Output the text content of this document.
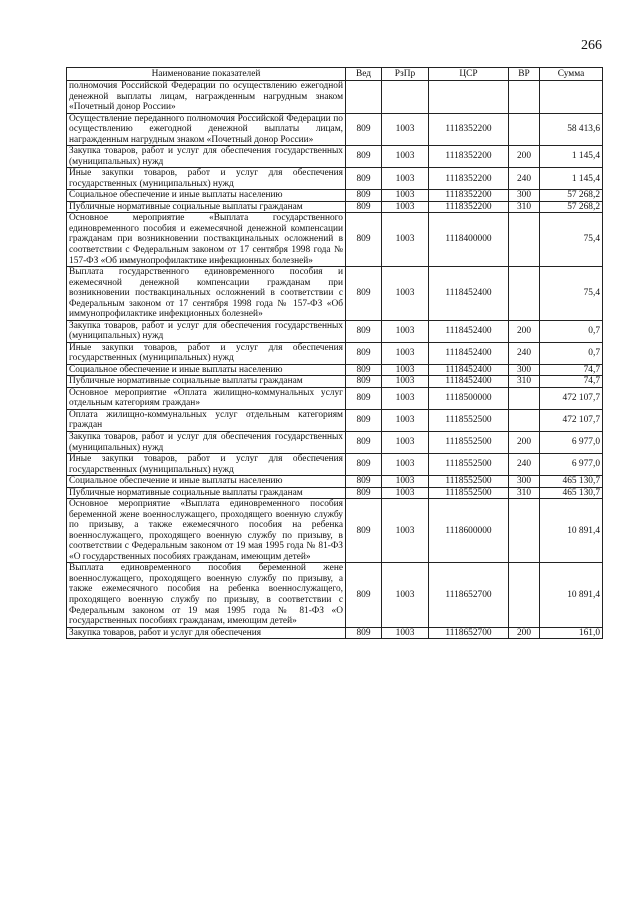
266
Наименование показателей	Вед	РзПр	ЦСР	ВР	Сумма
полномочия Российской Федерации по осуществлению ежегодной денежной выплаты лицам, награжденным нагрудным знаком «Почетный донор России»					
Осуществление переданного полномочия Российской Федерации по осуществлению ежегодной денежной выплаты лицам, награжденным нагрудным знаком «Почетный донор России»	809	1003	1118352200		58 413,6
Закупка товаров, работ и услуг для обеспечения государственных (муниципальных) нужд	809	1003	1118352200	200	1 145,4
Иные закупки товаров, работ и услуг для обеспечения государственных (муниципальных) нужд	809	1003	1118352200	240	1 145,4
Социальное обеспечение и иные выплаты населению	809	1003	1118352200	300	57 268,2
Публичные нормативные социальные выплаты гражданам	809	1003	1118352200	310	57 268,2
Основное мероприятие «Выплата государственного единовременного пособия и ежемесячной денежной компенсации гражданам при возникновении поствакцинальных осложнений в соответствии с Федеральным законом от 17 сентября 1998 года № 157-ФЗ «Об иммунопрофилактике инфекционных болезней»	809	1003	1118400000		75,4
Выплата государственного единовременного пособия и ежемесячной денежной компенсации гражданам при возникновении поствакцинальных осложнений в соответствии с Федеральным законом от 17 сентября 1998 года № 157-ФЗ «Об иммунопрофилактике инфекционных болезней»	809	1003	1118452400		75,4
Закупка товаров, работ и услуг для обеспечения государственных (муниципальных) нужд	809	1003	1118452400	200	0,7
Иные закупки товаров, работ и услуг для обеспечения государственных (муниципальных) нужд	809	1003	1118452400	240	0,7
Социальное обеспечение и иные выплаты населению	809	1003	1118452400	300	74,7
Публичные нормативные социальные выплаты гражданам	809	1003	1118452400	310	74,7
Основное мероприятие «Оплата жилищно-коммунальных услуг отдельным категориям граждан»	809	1003	1118500000		472 107,7
Оплата жилищно-коммунальных услуг отдельным категориям граждан	809	1003	1118552500		472 107,7
Закупка товаров, работ и услуг для обеспечения государственных (муниципальных) нужд	809	1003	1118552500	200	6 977,0
Иные закупки товаров, работ и услуг для обеспечения государственных (муниципальных) нужд	809	1003	1118552500	240	6 977,0
Социальное обеспечение и иные выплаты населению	809	1003	1118552500	300	465 130,7
Публичные нормативные социальные выплаты гражданам	809	1003	1118552500	310	465 130,7
Основное мероприятие «Выплата единовременного пособия беременной жене военнослужащего, проходящего военную службу по призыву, а также ежемесячного пособия на ребенка военнослужащего, проходящего военную службу по призыву, в соответствии с Федеральным законом от 19 мая 1995 года № 81-ФЗ «О государственных пособиях гражданам, имеющим детей»	809	1003	1118600000		10 891,4
Выплата единовременного пособия беременной жене военнослужащего, проходящего военную службу по призыву, а также ежемесячного пособия на ребенка военнослужащего, проходящего военную службу по призыву, в соответствии с Федеральным законом от 19 мая 1995 года № 81-ФЗ «О государственных пособиях гражданам, имеющим детей»	809	1003	1118652700		10 891,4
Закупка товаров, работ и услуг для обеспечения	809	1003	1118652700	200	161,0
